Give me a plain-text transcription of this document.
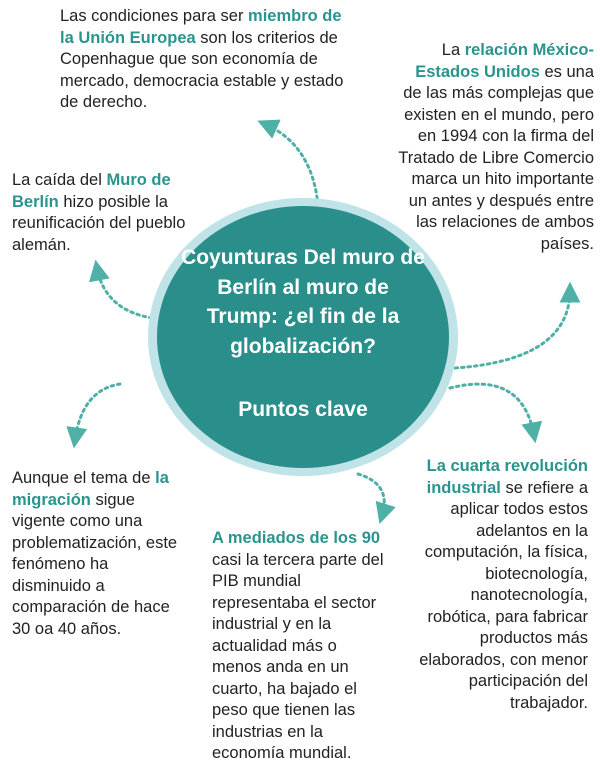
Coyunturas Del muro de Berlín al muro de Trump: ¿el fin de la globalización?
Puntos clave
Las condiciones para ser miembro de la Unión Europea son los criterios de Copenhague que son economía de mercado, democracia estable y estado de derecho.
La relación México-Estados Unidos es una de las más complejas que existen en el mundo, pero en 1994 con la firma del Tratado de Libre Comercio marca un hito importante un antes y después entre las relaciones de ambos países.
La caída del Muro de Berlín hizo posible la reunificación del pueblo alemán.
Aunque el tema de la migración sigue vigente como una problematización, este fenómeno ha disminuido a comparación de hace 30 oa 40 años.
A mediados de los 90 casi la tercera parte del PIB mundial representaba el sector industrial y en la actualidad más o menos anda en un cuarto, ha bajado el peso que tienen las industrias en la economía mundial.
La cuarta revolución industrial se refiere a aplicar todos estos adelantos en la computación, la física, biotecnología, nanotecnología, robótica, para fabricar productos más elaborados, con menor participación del trabajador.
